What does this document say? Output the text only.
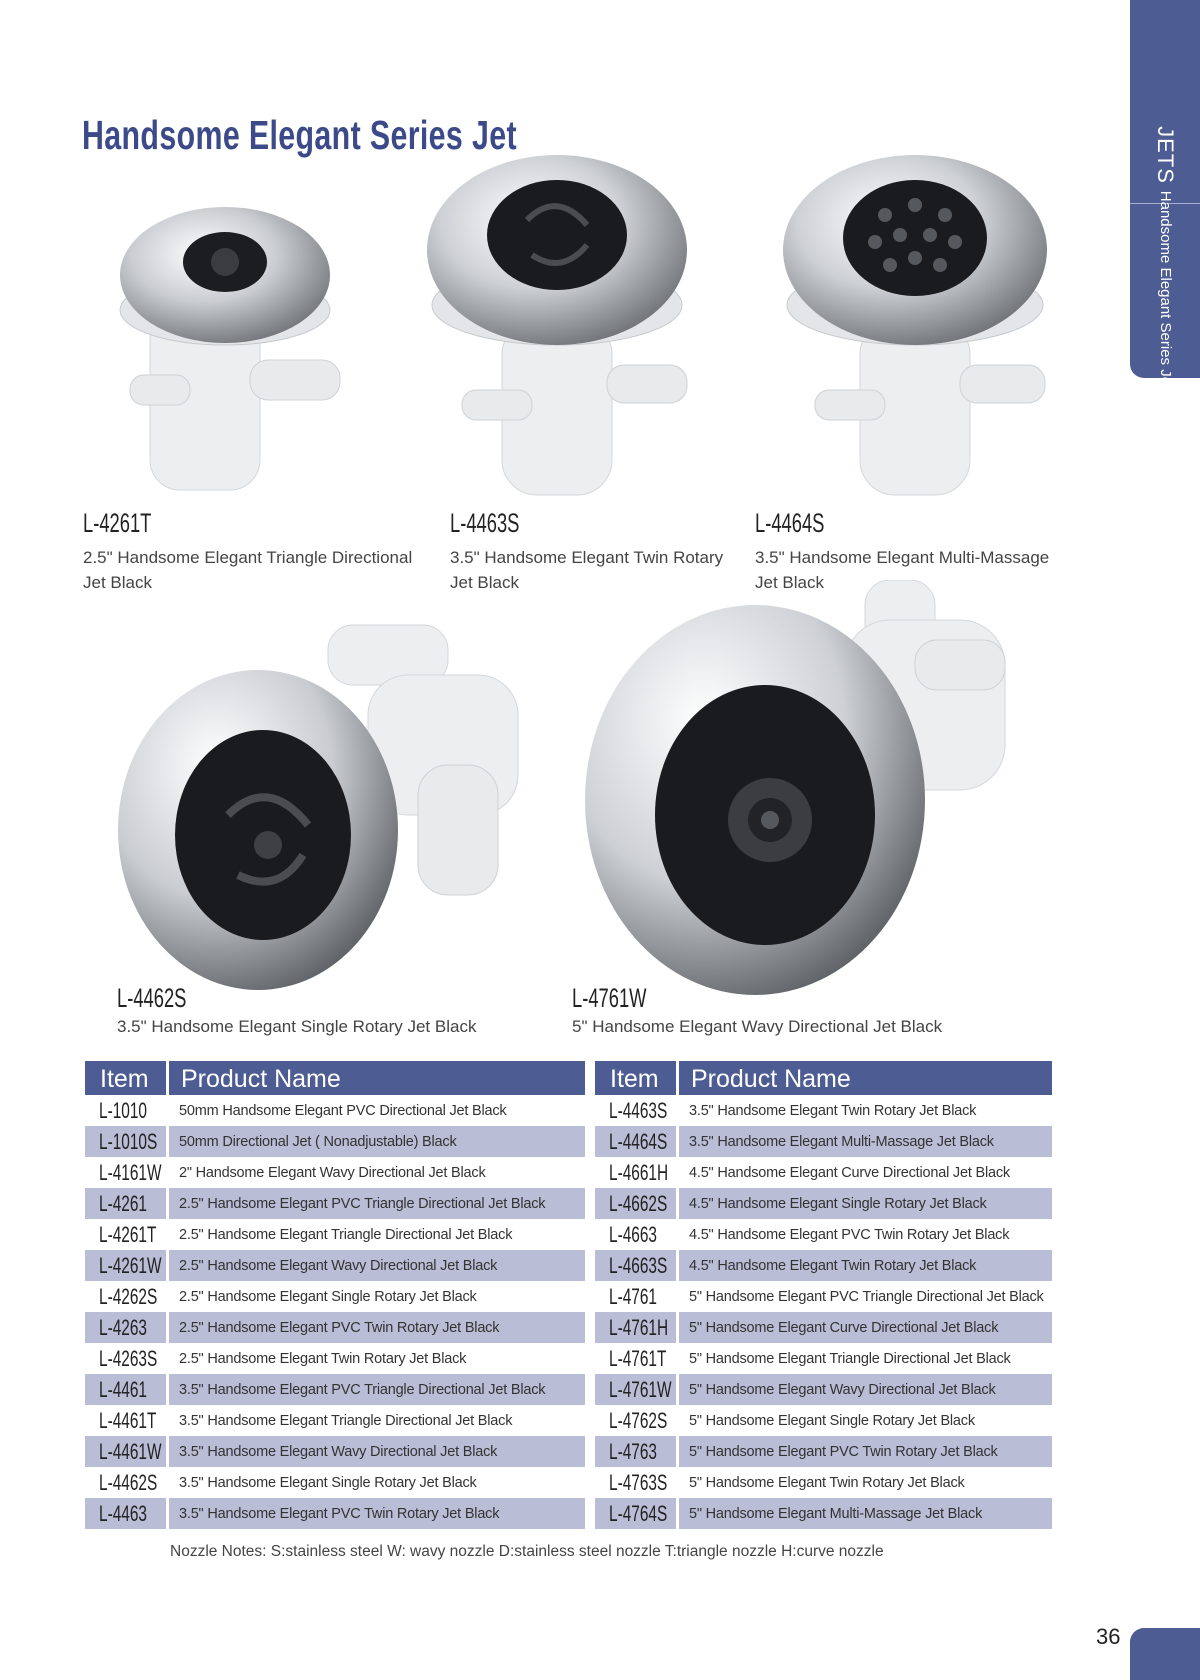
JETS
Handsome Elegant Series Jet
Handsome Elegant Series Jet
L-4261T
2.5" Handsome Elegant Triangle Directional
Jet Black
L-4463S
3.5" Handsome Elegant Twin Rotary
Jet Black
L-4464S
3.5" Handsome Elegant Multi-Massage
Jet Black
L-4462S
3.5" Handsome Elegant Single Rotary Jet Black
L-4761W
5" Handsome Elegant Wavy Directional Jet Black
Item	Product Name
L-1010	50mm Handsome Elegant PVC Directional Jet Black
L-1010S	50mm Directional Jet ( Nonadjustable) Black
L-4161W	2" Handsome Elegant Wavy Directional Jet Black
L-4261	2.5" Handsome Elegant PVC Triangle Directional Jet Black
L-4261T	2.5" Handsome Elegant Triangle Directional Jet Black
L-4261W	2.5" Handsome Elegant Wavy Directional Jet Black
L-4262S	2.5" Handsome Elegant Single Rotary Jet Black
L-4263	2.5" Handsome Elegant PVC Twin Rotary Jet Black
L-4263S	2.5" Handsome Elegant Twin Rotary Jet Black
L-4461	3.5" Handsome Elegant PVC Triangle Directional Jet Black
L-4461T	3.5" Handsome Elegant Triangle Directional Jet Black
L-4461W	3.5" Handsome Elegant Wavy Directional Jet Black
L-4462S	3.5" Handsome Elegant Single Rotary Jet Black
L-4463	3.5" Handsome Elegant PVC Twin Rotary Jet Black
Item	Product Name
L-4463S	3.5" Handsome Elegant Twin Rotary Jet Black
L-4464S	3.5" Handsome Elegant Multi-Massage Jet Black
L-4661H	4.5" Handsome Elegant Curve Directional Jet Black
L-4662S	4.5" Handsome Elegant Single Rotary Jet Black
L-4663	4.5" Handsome Elegant PVC Twin Rotary Jet Black
L-4663S	4.5" Handsome Elegant Twin Rotary Jet Black
L-4761	5" Handsome Elegant PVC Triangle Directional Jet Black
L-4761H	5" Handsome Elegant Curve Directional Jet Black
L-4761T	5" Handsome Elegant Triangle Directional Jet Black
L-4761W	5" Handsome Elegant Wavy Directional Jet Black
L-4762S	5" Handsome Elegant Single Rotary Jet Black
L-4763	5" Handsome Elegant PVC Twin Rotary Jet Black
L-4763S	5" Handsome Elegant Twin Rotary Jet Black
L-4764S	5" Handsome Elegant Multi-Massage Jet Black
Nozzle Notes: S:stainless steel W: wavy nozzle D:stainless steel nozzle T:triangle nozzle H:curve nozzle
36
